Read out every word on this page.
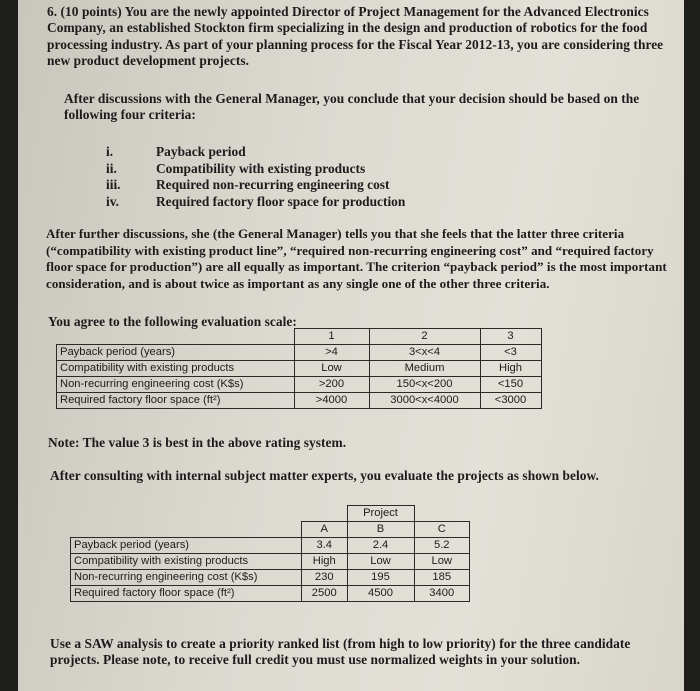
6. (10 points) You are the newly appointed Director of Project Management for the Advanced Electronics Company, an established Stockton firm specializing in the design and production of robotics for the food processing industry. As part of your planning process for the Fiscal Year 2012-13, you are considering three new product development projects.

After discussions with the General Manager, you conclude that your decision should be based on the following four criteria:

i.	Payback period
ii.	Compatibility with existing products
iii.	Required non-recurring engineering cost
iv.	Required factory floor space for production

After further discussions, she (the General Manager) tells you that she feels that the latter three criteria (“compatibility with existing product line”, “required non-recurring engineering cost” and “required factory floor space for production”) are all equally as important. The criterion “payback period” is the most important consideration, and is about twice as important as any single one of the other three criteria.

You agree to the following evaluation scale:

	1	2	3
Payback period (years)	>4	3<x<4	<3
Compatibility with existing products	Low	Medium	High
Non-recurring engineering cost (K$s)	>200	150<x<200	<150
Required factory floor space (ft²)	>4000	3000<x<4000	<3000

Note: The value 3 is best in the above rating system.

After consulting with internal subject matter experts, you evaluate the projects as shown below.

		Project	
	A	B	C
Payback period (years)	3.4	2.4	5.2
Compatibility with existing products	High	Low	Low
Non-recurring engineering cost (K$s)	230	195	185
Required factory floor space (ft²)	2500	4500	3400

Use a SAW analysis to create a priority ranked list (from high to low priority) for the three candidate projects. Please note, to receive full credit you must use normalized weights in your solution.
